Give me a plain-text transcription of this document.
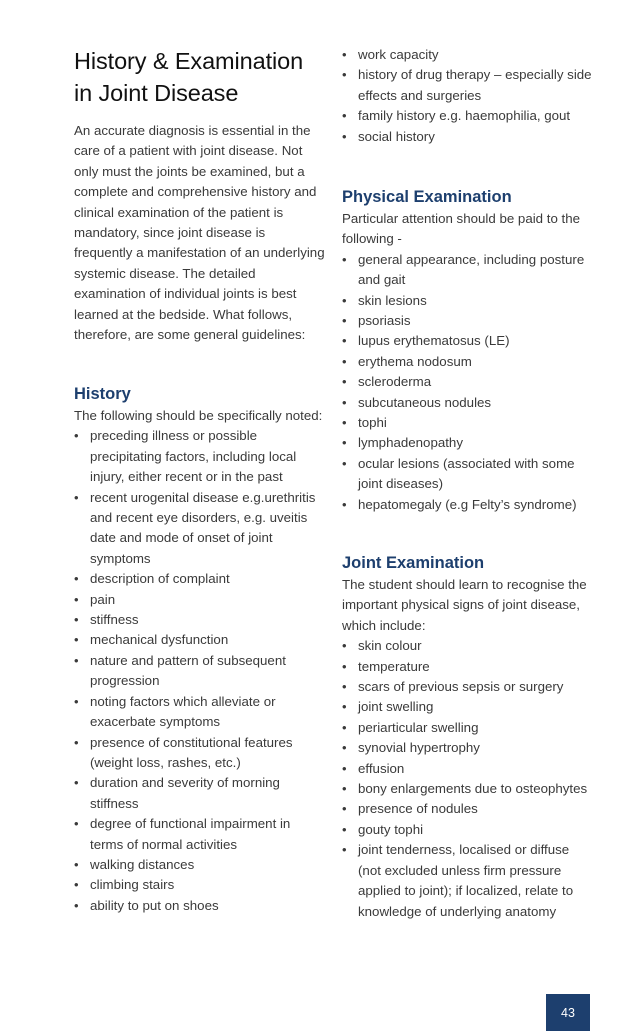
History & Examination
in Joint Disease

An accurate diagnosis is essential in the care of a patient with joint disease. Not only must the joints be examined, but a complete and comprehensive history and clinical examination of the patient is mandatory, since joint disease is frequently a manifestation of an underlying systemic disease. The detailed examination of individual joints is best learned at the bedside. What follows, therefore, are some general guidelines:

History

The following should be specifically noted:

• preceding illness or possible precipitating factors, including local injury, either recent or in the past
• recent urogenital disease e.g.urethritis and recent eye disorders, e.g. uveitis
date and mode of onset of joint symptoms
• description of complaint
• pain
• stiffness
• mechanical dysfunction
• nature and pattern of subsequent progression
• noting factors which alleviate or exacerbate symptoms
• presence of constitutional features (weight loss, rashes, etc.)
• duration and severity of morning stiffness
• degree of functional impairment in terms of normal activities
• walking distances
• climbing stairs
• ability to put on shoes
• work capacity
• history of drug therapy – especially side effects and surgeries
• family history e.g. haemophilia, gout
• social history
Physical Examination

Particular attention should be paid to the following -

• general appearance, including posture and gait
• skin lesions
• psoriasis
• lupus erythematosus (LE)
• erythema nodosum
• scleroderma
• subcutaneous nodules
• tophi
• lymphadenopathy
• ocular lesions (associated with some joint diseases)
• hepatomegaly (e.g Felty’s syndrome)
Joint Examination

The student should learn to recognise the important physical signs of joint disease, which include:

• skin colour
• temperature
• scars of previous sepsis or surgery
• joint swelling
• periarticular swelling
• synovial hypertrophy
• effusion
• bony enlargements due to osteophytes
• presence of nodules
• gouty tophi
• joint tenderness, localised or diffuse (not excluded unless firm pressure applied to joint); if localized, relate to knowledge of underlying anatomy
43
